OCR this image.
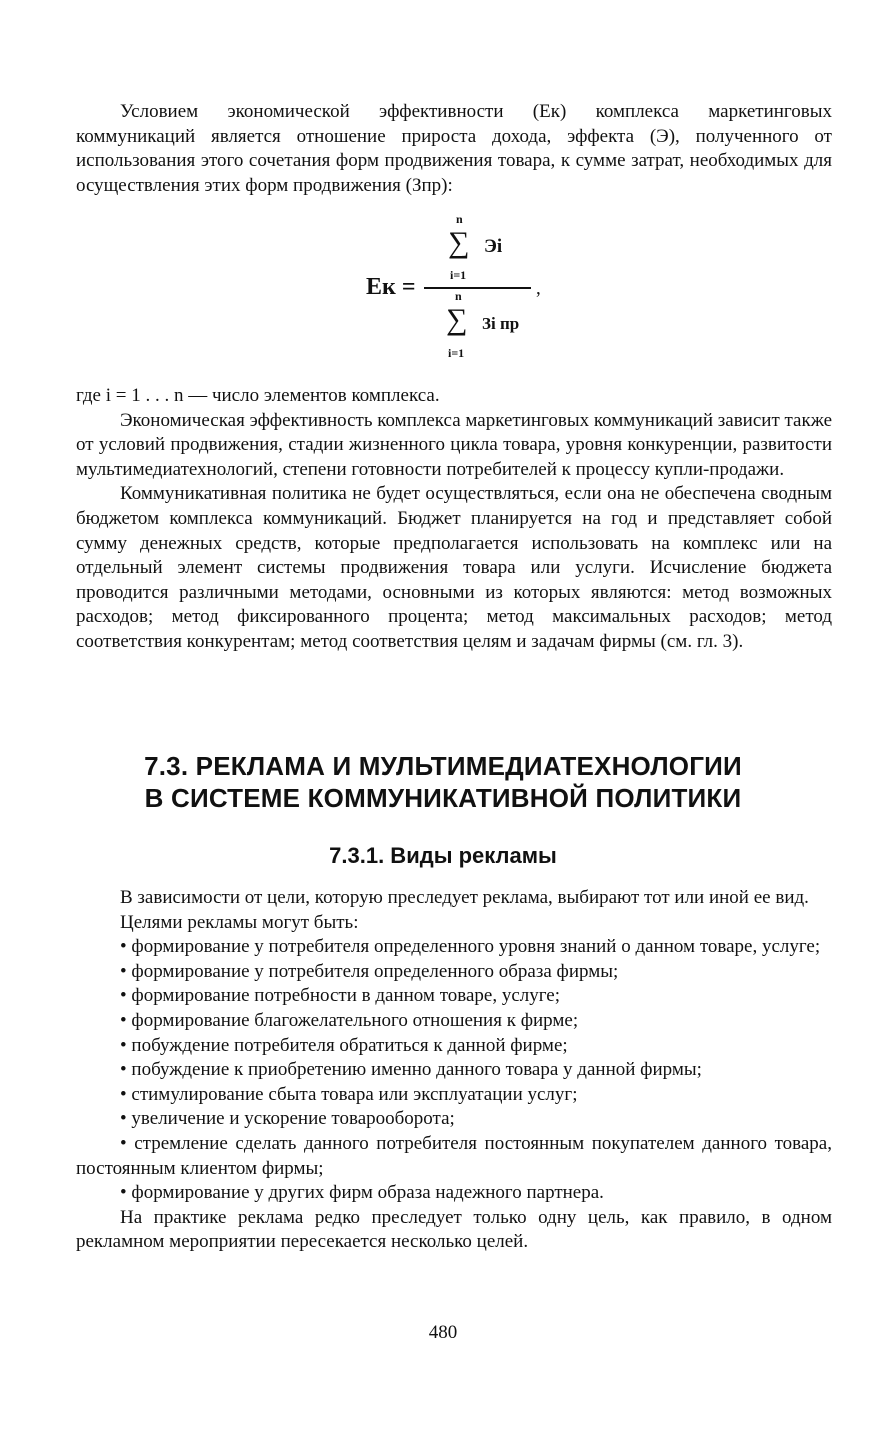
Условием экономической эффективности (Eк) комплекса маркетинговых коммуникаций является отношение прироста дохода, эффекта (Э), полученного от использования этого сочетания форм продвижения товара, к сумме затрат, необходимых для осуществления этих форм продвижения (Зпр):

n
∑ Эi
i=1
Eк =	,
n
∑ Зi пр
i=1

где i = 1 . . . n — число элементов комплекса.

Экономическая эффективность комплекса маркетинговых коммуникаций зависит также от условий продвижения, стадии жизненного цикла товара, уровня конкуренции, развитости мультимедиатехнологий, степени готовности потребителей к процессу купли-продажи.

Коммуникативная политика не будет осуществляться, если она не обеспечена сводным бюджетом комплекса коммуникаций. Бюджет планируется на год и представляет собой сумму денежных средств, которые предполагается использовать на комплекс или на отдельный элемент системы продвижения товара или услуги. Исчисление бюджета проводится различными методами, основными из которых являются: метод возможных расходов; метод фиксированного процента; метод максимальных расходов; метод соответствия конкурентам; метод соответствия целям и задачам фирмы (см. гл. 3).

7.3. РЕКЛАМА И МУЛЬТИМЕДИАТЕХНОЛОГИИ

В СИСТЕМЕ КОММУНИКАТИВНОЙ ПОЛИТИКИ

7.3.1. Виды рекламы

В зависимости от цели, которую преследует реклама, выбирают тот или иной ее вид.

Целями рекламы могут быть:

• формирование у потребителя определенного уровня знаний о данном товаре, услуге;

• формирование у потребителя определенного образа фирмы;

• формирование потребности в данном товаре, услуге;

• формирование благожелательного отношения к фирме;

• побуждение потребителя обратиться к данной фирме;

• побуждение к приобретению именно данного товара у данной фирмы;

• стимулирование сбыта товара или эксплуатации услуг;

• увеличение и ускорение товарооборота;

• стремление сделать данного потребителя постоянным покупателем данного товара, постоянным клиентом фирмы;

• формирование у других фирм образа надежного партнера.

На практике реклама редко преследует только одну цель, как правило, в одном рекламном мероприятии пересекается несколько целей.

480
